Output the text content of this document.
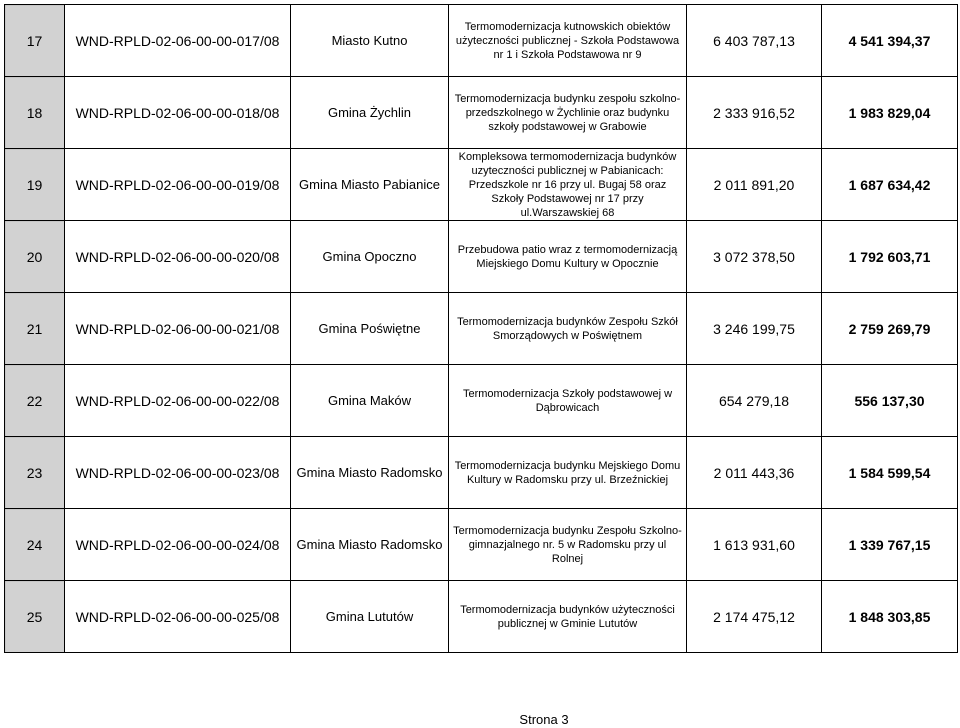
17	WND-RPLD-02-06-00-00-017/08	Miasto Kutno	Termomodernizacja kutnowskich obiektów użyteczności publicznej - Szkoła Podstawowa nr 1 i Szkoła Podstawowa nr 9	6 403 787,13	4 541 394,37
18	WND-RPLD-02-06-00-00-018/08	Gmina Żychlin	Termomodernizacja budynku zespołu szkolno-przedszkolnego w Żychlinie oraz budynku szkoły podstawowej w Grabowie	2 333 916,52	1 983 829,04
19	WND-RPLD-02-06-00-00-019/08	Gmina Miasto Pabianice	Kompleksowa termomodernizacja budynków uzyteczności publicznej w Pabianicach: Przedszkole nr 16 przy ul. Bugaj 58 oraz Szkoły Podstawowej nr 17 przy ul.Warszawskiej 68	2 011 891,20	1 687 634,42
20	WND-RPLD-02-06-00-00-020/08	Gmina Opoczno	Przebudowa patio wraz z termomodernizacją Miejskiego Domu Kultury w Opocznie	3 072 378,50	1 792 603,71
21	WND-RPLD-02-06-00-00-021/08	Gmina Poświętne	Termomodernizacja budynków Zespołu Szkół Smorządowych w Poświętnem	3 246 199,75	2 759 269,79
22	WND-RPLD-02-06-00-00-022/08	Gmina Maków	Termomodernizacja Szkoły podstawowej w Dąbrowicach	654 279,18	556 137,30
23	WND-RPLD-02-06-00-00-023/08	Gmina Miasto Radomsko	Termomodernizacja budynku Mejskiego Domu Kultury w Radomsku przy ul. Brzeźnickiej	2 011 443,36	1 584 599,54
24	WND-RPLD-02-06-00-00-024/08	Gmina Miasto Radomsko	Termomodernizacja budynku Zespołu Szkolno-gimnazjalnego nr. 5 w Radomsku przy ul Rolnej	1 613 931,60	1 339 767,15
25	WND-RPLD-02-06-00-00-025/08	Gmina Lututów	Termomodernizacja budynków użyteczności publicznej w Gminie Lututów	2 174 475,12	1 848 303,85
Strona 3
